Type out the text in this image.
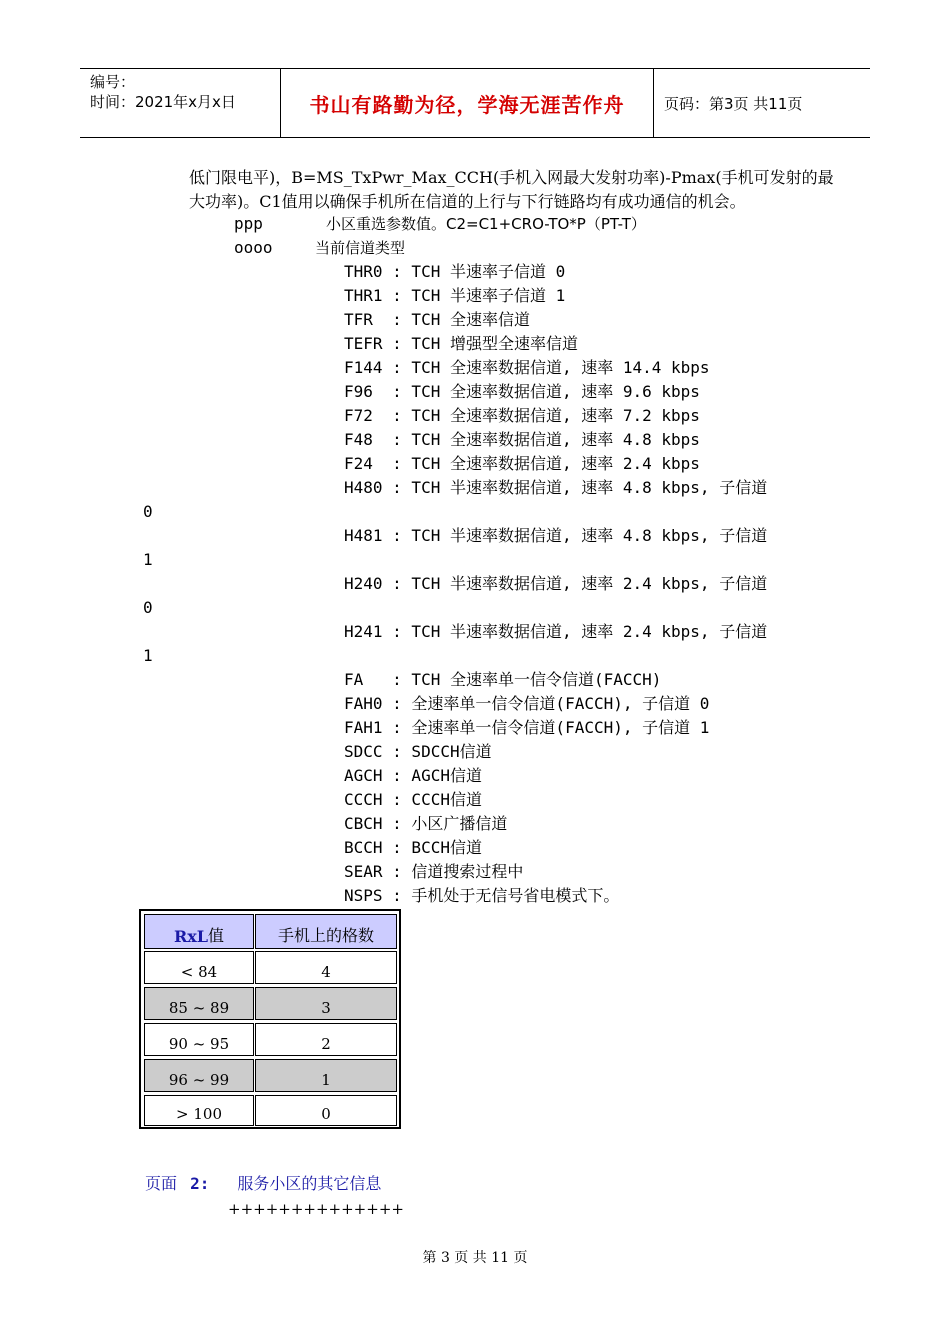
编号：
时间：2021年x月x日	书山有路勤为径，学海无涯苦作舟	页码：第3页 共11页
低门限电平)，B=MS_TxPwr_Max_CCH(手机入网最大发射功率)-Pmax(手机可发射的最
大功率)。C1值用以确保手机所在信道的上行与下行链路均有成功通信的机会。
ppp	小区重选参数值。C2=C1+CRO-TO*P（PT-T）
oooo	当前信道类型
THR0 : TCH 半速率子信道 0
THR1 : TCH 半速率子信道 1
TFR  : TCH 全速率信道
TEFR : TCH 增强型全速率信道
F144 : TCH 全速率数据信道, 速率 14.4 kbps
F96  : TCH 全速率数据信道, 速率 9.6 kbps
F72  : TCH 全速率数据信道, 速率 7.2 kbps
F48  : TCH 全速率数据信道, 速率 4.8 kbps
F24  : TCH 全速率数据信道, 速率 2.4 kbps
H480 : TCH 半速率数据信道, 速率 4.8 kbps, 子信道
0
H481 : TCH 半速率数据信道, 速率 4.8 kbps, 子信道
1
H240 : TCH 半速率数据信道, 速率 2.4 kbps, 子信道
0
H241 : TCH 半速率数据信道, 速率 2.4 kbps, 子信道
1
FA   : TCH 全速率单一信令信道(FACCH)
FAH0 : 全速率单一信令信道(FACCH), 子信道 0
FAH1 : 全速率单一信令信道(FACCH), 子信道 1
SDCC : SDCCH信道
AGCH : AGCH信道
CCCH : CCCH信道
CBCH : 小区广播信道
BCCH : BCCH信道
SEAR : 信道搜索过程中
NSPS : 手机处于无信号省电模式下。
RxL 值	手机上的格数
< 84	4
85 ~ 89	3
90 ~ 95	2
96 ~ 99	1
> 100	0
页面 2: 服务小区的其它信息
++++++++++++++
第 3 页 共 11 页
